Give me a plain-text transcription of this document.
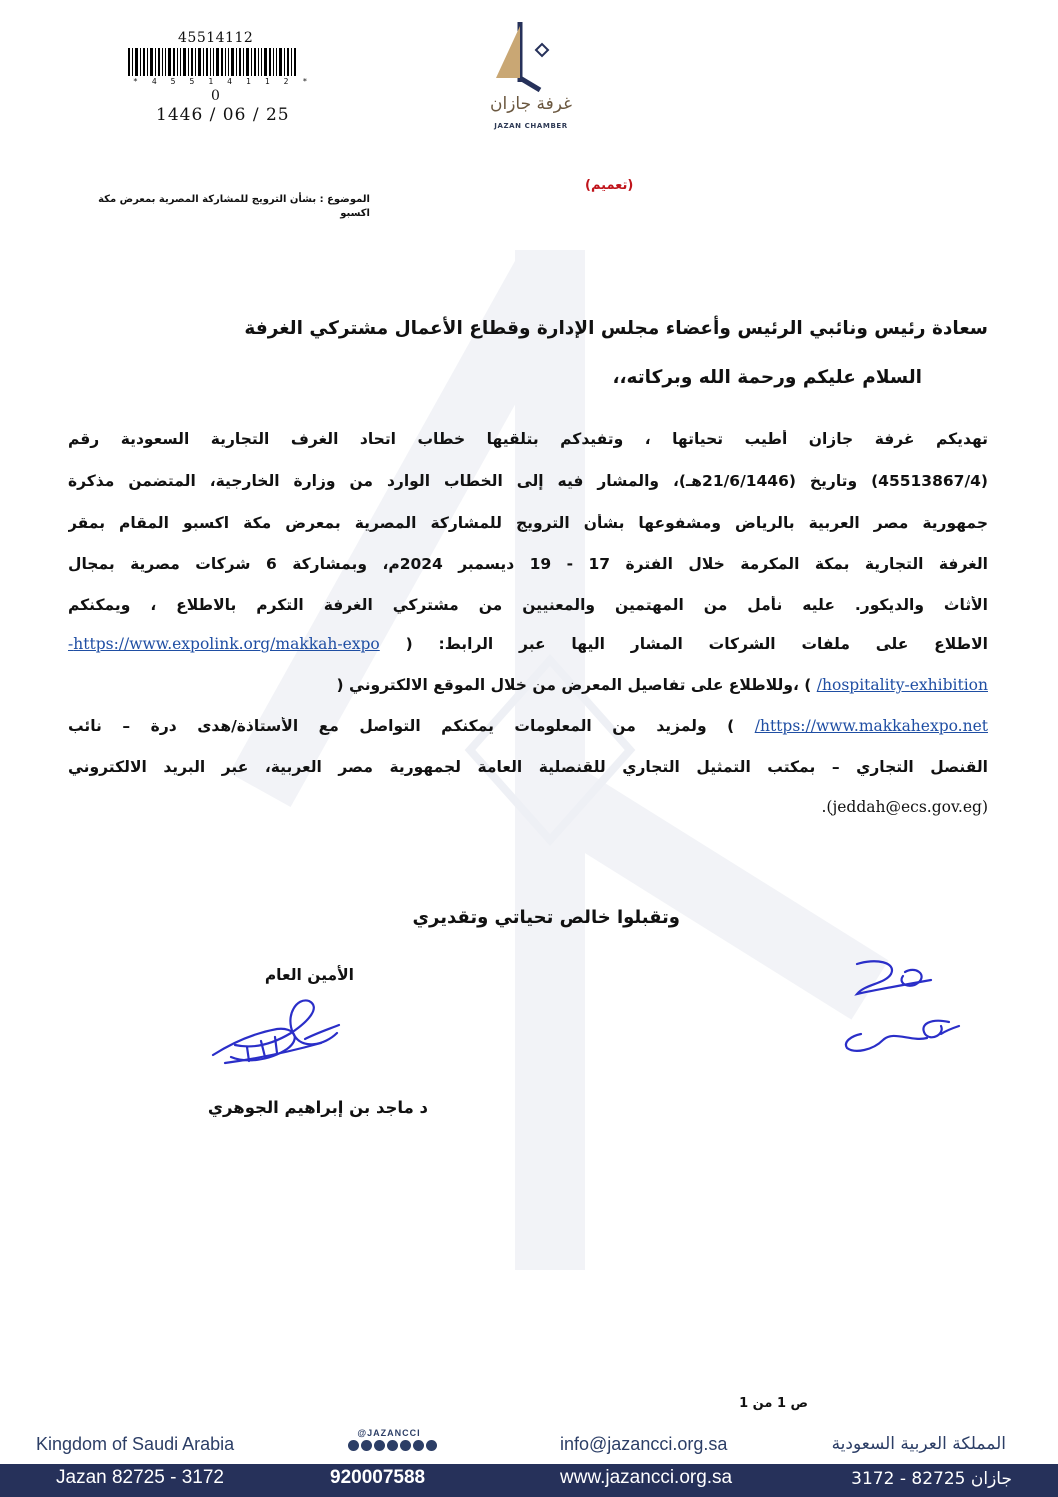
45514112
* 4 5 5 1 4 1 1 2 *
0
1446 / 06 / 25
غرفة جازان
JAZAN CHAMBER
(تعميم)
الموضوع : بشأن الترويج للمشاركة المصرية بمعرض مكة اكسبو
سعادة رئيس ونائبي الرئيس وأعضاء مجلس الإدارة وقطاع الأعمال مشتركي الغرفة
السلام عليكم ورحمة الله وبركاته،،
تهديكم غرفة جازان أطيب تحياتها ، وتفيدكم بتلقيها خطاب اتحاد الغرف التجارية السعودية رقم
(45513867/4) وتاريخ (21/6/1446هـ)، والمشار فيه إلى الخطاب الوارد من وزارة الخارجية، المتضمن مذكرة
جمهورية مصر العربية بالرياض ومشفوعها بشأن الترويج للمشاركة المصرية بمعرض مكة اكسبو المقام بمقر
الغرفة التجارية بمكة المكرمة خلال الفترة 17 - 19 ديسمبر 2024م، وبمشاركة 6 شركات مصرية بمجال
الأثاث والديكور. عليه نأمل من المهتمين والمعنيين من مشتركي الغرفة التكرم بالاطلاع ، ويمكنكم
الاطلاع على ملفات الشركات المشار اليها عبر الرابط: ( https://www.expolink.org/makkah-expo-
hospitality-exhibition/ ) ،وللاطلاع على تفاصيل المعرض من خلال الموقع الالكتروني (
https://www.makkahexpo.net/ ) ولمزيد من المعلومات يمكنكم التواصل مع الأستاذة/هدى درة – نائب
القنصل التجاري – بمكتب التمثيل التجاري للقنصلية العامة لجمهورية مصر العربية، عبر البريد الالكتروني
(jeddah@ecs.gov.eg).
وتقبلوا خالص تحياتي وتقديري
الأمين العام
د ماجد بن إبراهيم الجوهري
ص 1 من 1
Kingdom of Saudi Arabia
@JAZANCCI
info@jazancci.org.sa	المملكة العربية السعودية
Jazan 82725 - 3172	920007588	www.jazancci.org.sa	جازان 82725 - 3172
